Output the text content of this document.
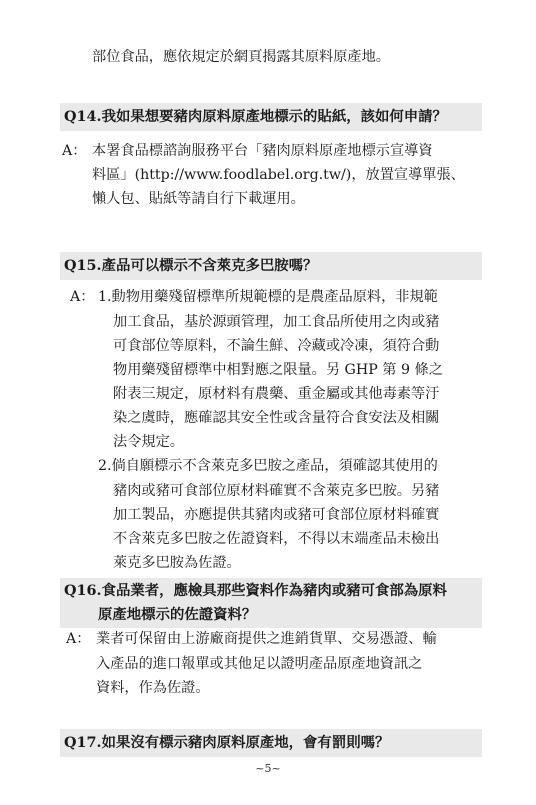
部位食品，應依規定於網頁揭露其原料原產地。
Q14.我如果想要豬肉原料原產地標示的貼紙，該如何申請？
A： 本署食品標諮詢服務平台「豬肉原料原產地標示宣導資
料區」(http://www.foodlabel.org.tw/)，放置宣導單張、
懶人包、貼紙等請自行下載運用。
Q15.產品可以標示不含萊克多巴胺嗎？
A： 1.動物用藥殘留標準所規範標的是農產品原料，非規範
加工食品，基於源頭管理，加工食品所使用之肉或豬
可食部位等原料，不論生鮮、冷藏或冷凍，須符合動
物用藥殘留標準中相對應之限量。另 GHP 第 9 條之
附表三規定，原材料有農藥、重金屬或其他毒素等汙
染之虞時，應確認其安全性或含量符合食安法及相關
法令規定。
2.倘自願標示不含萊克多巴胺之產品，須確認其使用的
豬肉或豬可食部位原材料確實不含萊克多巴胺。另豬
加工製品，亦應提供其豬肉或豬可食部位原材料確實
不含萊克多巴胺之佐證資料，不得以末端產品未檢出
萊克多巴胺為佐證。
Q16.食品業者，應檢具那些資料作為豬肉或豬可食部為原料
原產地標示的佐證資料？
A： 業者可保留由上游廠商提供之進銷貨單、交易憑證、輸
入產品的進口報單或其他足以證明產品原產地資訊之
資料，作為佐證。
Q17.如果沒有標示豬肉原料原產地，會有罰則嗎？
~5~
